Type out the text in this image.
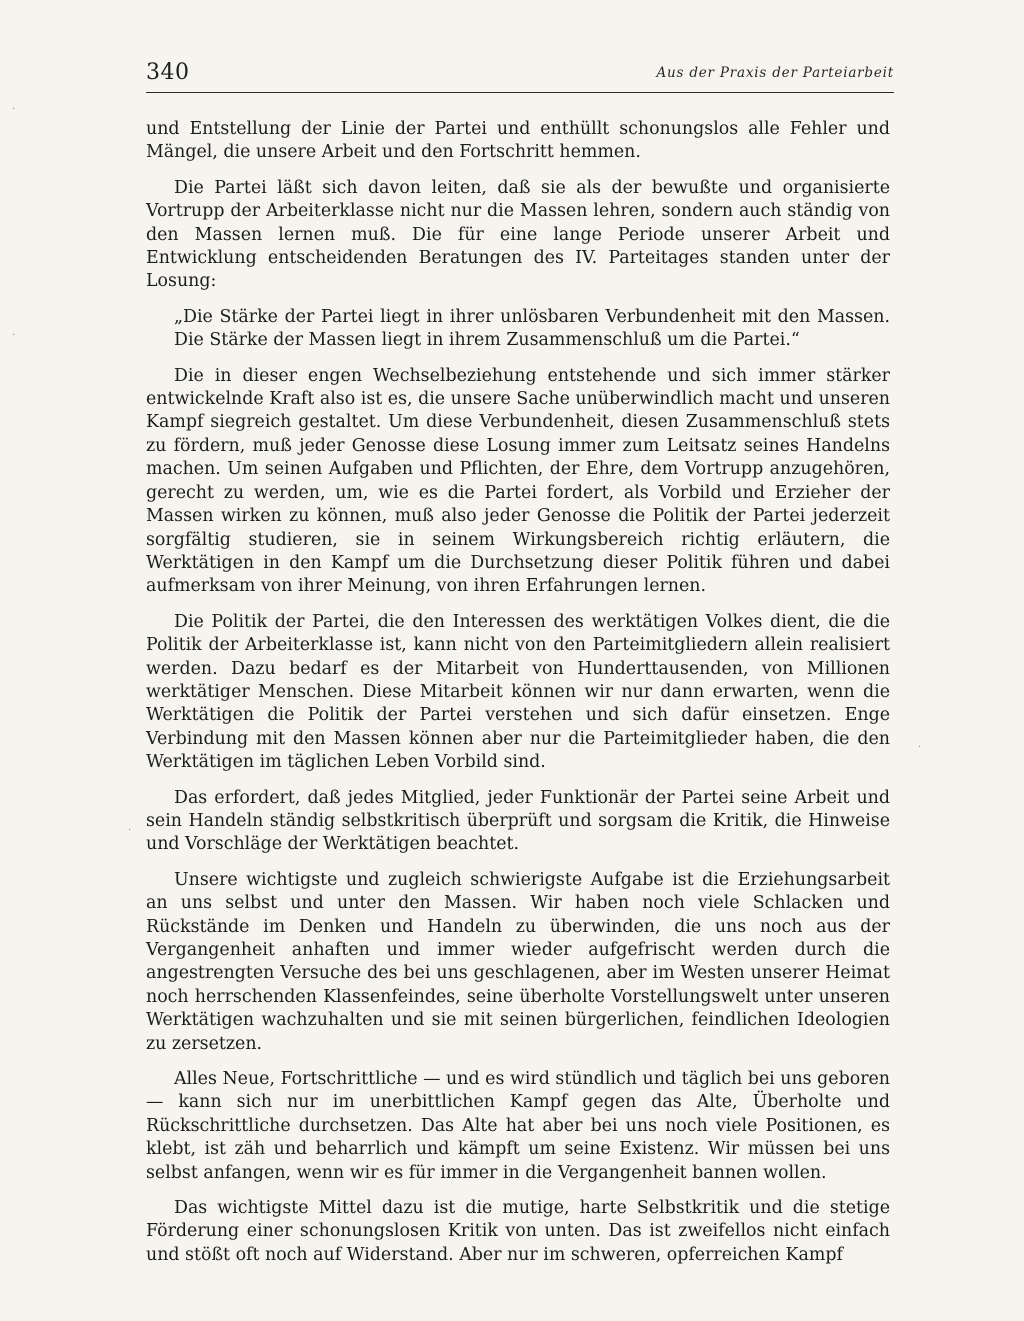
340	Aus der Praxis der Parteiarbeit
·
·
.
·

und Entstellung der Linie der Partei und enthüllt schonungslos alle Fehler und Mängel, die unsere Arbeit und den Fortschritt hemmen.

Die Partei läßt sich davon leiten, daß sie als der bewußte und organisierte Vortrupp der Arbeiterklasse nicht nur die Massen lehren, sondern auch ständig von den Massen lernen muß. Die für eine lange Periode unserer Arbeit und Entwicklung entscheidenden Beratungen des IV. Parteitages standen unter der Losung:

„Die Stärke der Partei liegt in ihrer unlösbaren Verbundenheit mit den Massen. Die Stärke der Massen liegt in ihrem Zusammenschluß um die Partei.“

Die in dieser engen Wechselbeziehung entstehende und sich immer stärker entwickelnde Kraft also ist es, die unsere Sache unüberwindlich macht und unseren Kampf siegreich gestaltet. Um diese Verbundenheit, diesen Zusammenschluß stets zu fördern, muß jeder Genosse diese Losung immer zum Leitsatz seines Handelns machen. Um seinen Aufgaben und Pflichten, der Ehre, dem Vortrupp anzugehören, gerecht zu werden, um, wie es die Partei fordert, als Vorbild und Erzieher der Massen wirken zu können, muß also jeder Genosse die Politik der Partei jederzeit sorgfältig studieren, sie in seinem Wirkungsbereich richtig erläutern, die Werktätigen in den Kampf um die Durchsetzung dieser Politik führen und dabei aufmerksam von ihrer Meinung, von ihren Erfahrungen lernen.

Die Politik der Partei, die den Interessen des werktätigen Volkes dient, die die Politik der Arbeiterklasse ist, kann nicht von den Parteimitgliedern allein realisiert werden. Dazu bedarf es der Mitarbeit von Hunderttausenden, von Millionen werktätiger Menschen. Diese Mitarbeit können wir nur dann erwarten, wenn die Werktätigen die Politik der Partei verstehen und sich dafür einsetzen. Enge Verbindung mit den Massen können aber nur die Parteimitglieder haben, die den Werktätigen im täglichen Leben Vorbild sind.

Das erfordert, daß jedes Mitglied, jeder Funktionär der Partei seine Arbeit und sein Handeln ständig selbstkritisch überprüft und sorgsam die Kritik, die Hinweise und Vorschläge der Werktätigen beachtet.

Unsere wichtigste und zugleich schwierigste Aufgabe ist die Erziehungsarbeit an uns selbst und unter den Massen. Wir haben noch viele Schlacken und Rückstände im Denken und Handeln zu überwinden, die uns noch aus der Vergangenheit anhaften und immer wieder aufgefrischt werden durch die angestrengten Versuche des bei uns geschlagenen, aber im Westen unserer Heimat noch herrschenden Klassenfeindes, seine überholte Vorstellungswelt unter unseren Werktätigen wachzuhalten und sie mit seinen bürgerlichen, feindlichen Ideologien zu zersetzen.

Alles Neue, Fortschrittliche — und es wird stündlich und täglich bei uns geboren — kann sich nur im unerbittlichen Kampf gegen das Alte, Überholte und Rückschrittliche durchsetzen. Das Alte hat aber bei uns noch viele Positionen, es klebt, ist zäh und beharrlich und kämpft um seine Existenz. Wir müssen bei uns selbst anfangen, wenn wir es für immer in die Vergangenheit bannen wollen.

Das wichtigste Mittel dazu ist die mutige, harte Selbstkritik und die stetige Förderung einer schonungslosen Kritik von unten. Das ist zweifellos nicht einfach und stößt oft noch auf Widerstand. Aber nur im schweren, opferreichen Kampf
